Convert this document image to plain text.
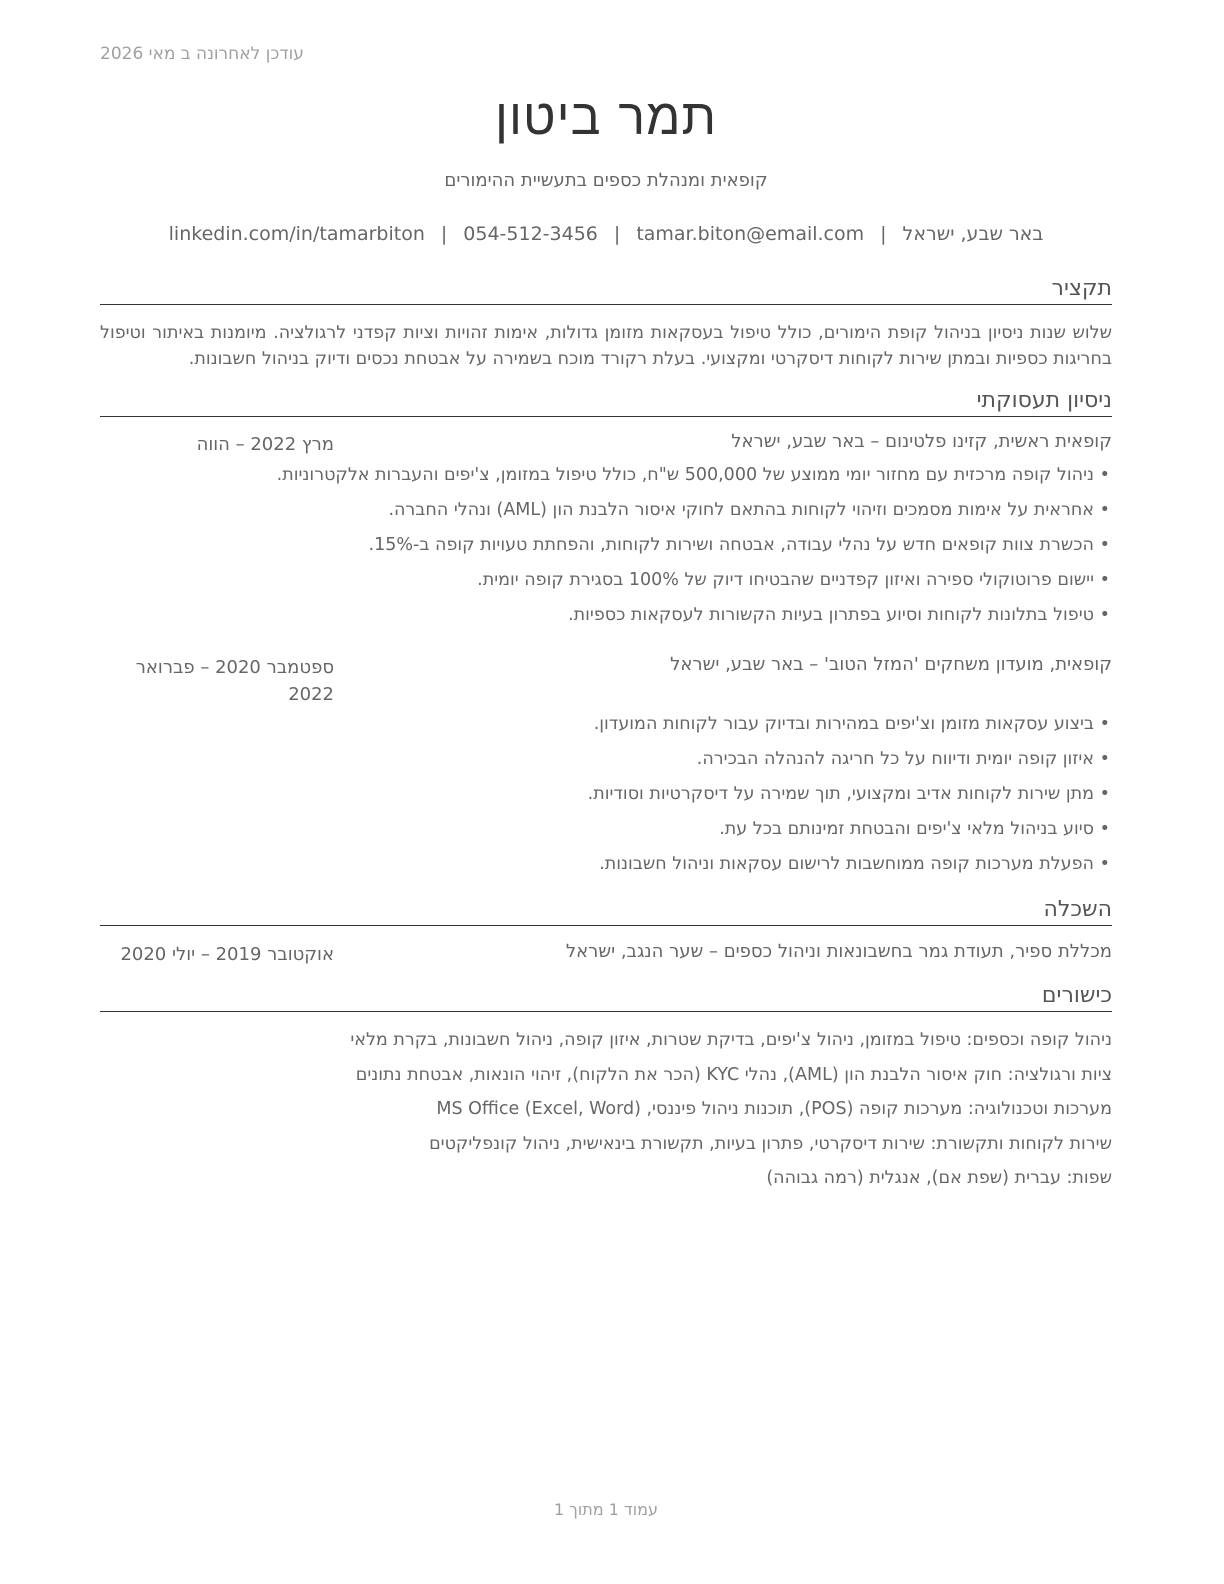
עודכן לאחרונה ב מאי 2026
תמר ביטון
קופאית ומנהלת כספים בתעשיית ההימורים
באר שבע, ישראל|tamar.biton@email.com|054-512-3456|linkedin.com/in/tamarbiton
תקציר
שלוש שנות ניסיון בניהול קופת הימורים, כולל טיפול בעסקאות מזומן גדולות, אימות זהויות וציות קפדני לרגולציה. מיומנות באיתור וטיפול בחריגות כספיות ובמתן שירות לקוחות דיסקרטי ומקצועי. בעלת רקורד מוכח בשמירה על אבטחת נכסים ודיוק בניהול חשבונות.
ניסיון תעסוקתי
קופאית ראשית, קזינו פלטינום – באר שבע, ישראל
מרץ 2022 – הווה
•
ניהול קופה מרכזית עם מחזור יומי ממוצע של 500,000 ש"ח, כולל טיפול במזומן, צ'יפים והעברות אלקטרוניות.
•
אחראית על אימות מסמכים וזיהוי לקוחות בהתאם לחוקי איסור הלבנת הון (AML) ונהלי החברה.
•
הכשרת צוות קופאים חדש על נהלי עבודה, אבטחה ושירות לקוחות, והפחתת טעויות קופה ב-15%.
•
יישום פרוטוקולי ספירה ואיזון קפדניים שהבטיחו דיוק של 100% בסגירת קופה יומית.
•
טיפול בתלונות לקוחות וסיוע בפתרון בעיות הקשורות לעסקאות כספיות.
קופאית, מועדון משחקים 'המזל הטוב' – באר שבע, ישראל
ספטמבר 2020 – פברואר 2022
•
ביצוע עסקאות מזומן וצ'יפים במהירות ובדיוק עבור לקוחות המועדון.
•
איזון קופה יומית ודיווח על כל חריגה להנהלה הבכירה.
•
מתן שירות לקוחות אדיב ומקצועי, תוך שמירה על דיסקרטיות וסודיות.
•
סיוע בניהול מלאי צ'יפים והבטחת זמינותם בכל עת.
•
הפעלת מערכות קופה ממוחשבות לרישום עסקאות וניהול חשבונות.
השכלה
מכללת ספיר, תעודת גמר בחשבונאות וניהול כספים – שער הנגב, ישראל
אוקטובר 2019 – יולי 2020
כישורים
ניהול קופה וכספים: טיפול במזומן, ניהול צ'יפים, בדיקת שטרות, איזון קופה, ניהול חשבונות, בקרת מלאי
ציות ורגולציה: חוק איסור הלבנת הון (AML), נהלי KYC (הכר את הלקוח), זיהוי הונאות, אבטחת נתונים
מערכות וטכנולוגיה: מערכות קופה (POS), תוכנות ניהול פיננסי, MS Office (Excel, Word)
שירות לקוחות ותקשורת: שירות דיסקרטי, פתרון בעיות, תקשורת בינאישית, ניהול קונפליקטים
שפות: עברית (שפת אם), אנגלית (רמה גבוהה)
עמוד 1 מתוך 1
